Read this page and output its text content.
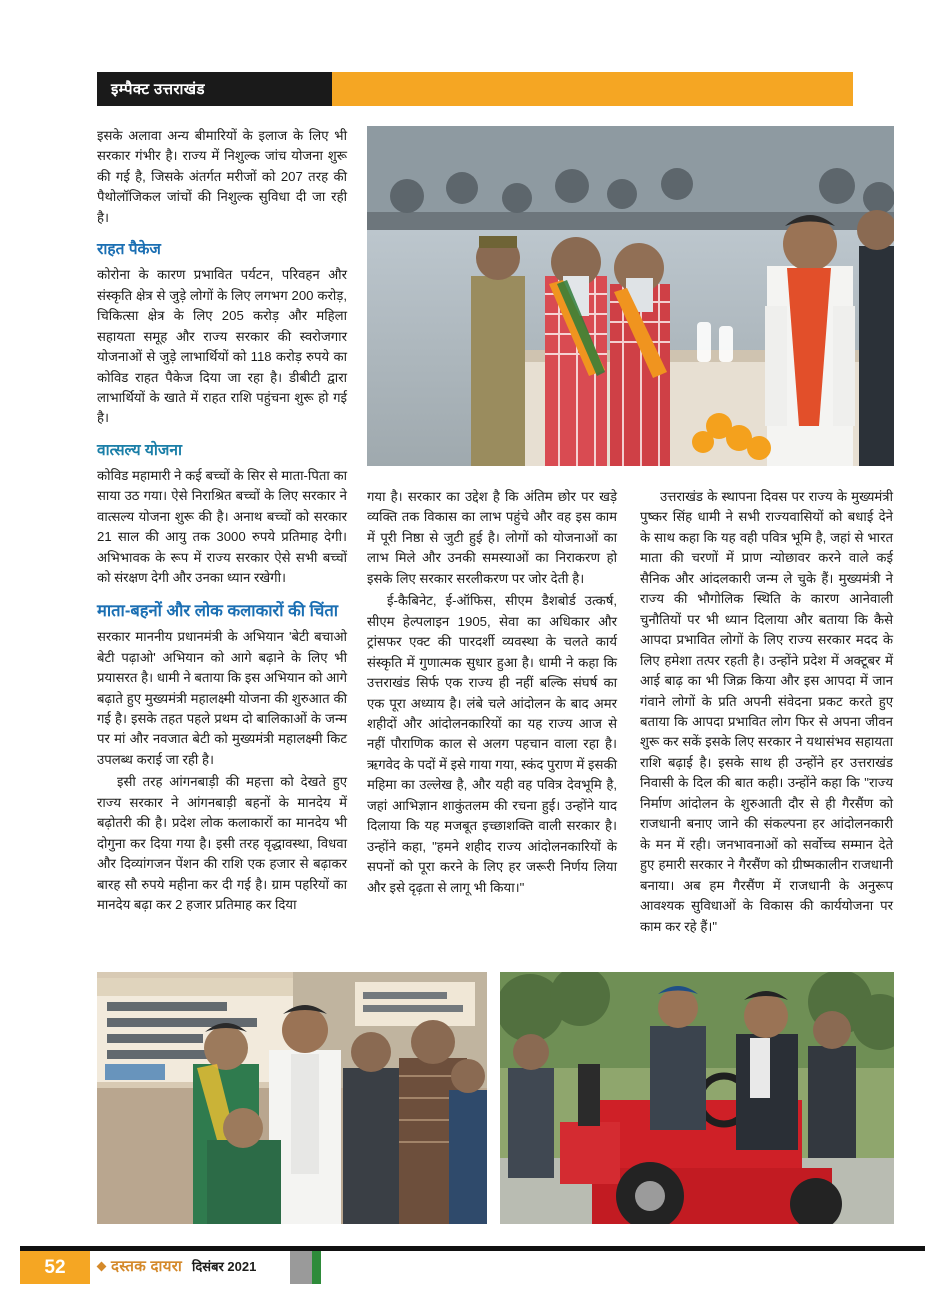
इम्पैक्ट उत्तराखंड

इसके अलावा अन्य बीमारियों के इलाज के लिए भी सरकार गंभीर है। राज्य में निशुल्क जांच योजना शुरू की गई है, जिसके अंतर्गत मरीजों को 207 तरह की पैथोलॉजिकल जांचों की निशुल्क सुविधा दी जा रही है।

राहत पैकेज

कोरोना के कारण प्रभावित पर्यटन, परिवहन और संस्कृति क्षेत्र से जुड़े लोगों के लिए लगभग 200 करोड़, चिकित्सा क्षेत्र के लिए 205 करोड़ और महिला सहायता समूह और राज्य सरकार की स्वरोजगार योजनाओं से जुड़े लाभार्थियों को 118 करोड़ रुपये का कोविड राहत पैकेज दिया जा रहा है। डीबीटी द्वारा लाभार्थियों के खाते में राहत राशि पहुंचना शुरू हो गई है।

वात्सल्य योजना

कोविड महामारी ने कई बच्चों के सिर से माता-पिता का साया उठ गया। ऐसे निराश्रित बच्चों के लिए सरकार ने वात्सल्य योजना शुरू की है। अनाथ बच्चों को सरकार 21 साल की आयु तक 3000 रुपये प्रतिमाह देगी। अभिभावक के रूप में राज्य सरकार ऐसे सभी बच्चों को संरक्षण देगी और उनका ध्यान रखेगी।

माता-बहनों और लोक कलाकारों की चिंता

सरकार माननीय प्रधानमंत्री के अभियान 'बेटी बचाओ बेटी पढ़ाओ' अभियान को आगे बढ़ाने के लिए भी प्रयासरत है। धामी ने बताया कि इस अभियान को आगे बढ़ाते हुए मुख्यमंत्री महालक्ष्मी योजना की शुरुआत की गई है। इसके तहत पहले प्रथम दो बालिकाओं के जन्म पर मां और नवजात बेटी को मुख्यमंत्री महालक्ष्मी किट उपलब्ध कराई जा रही है।

इसी तरह आंगनबाड़ी की महत्ता को देखते हुए राज्य सरकार ने आंगनबाड़ी बहनों के मानदेय में बढ़ोतरी की है। प्रदेश लोक कलाकारों का मानदेय भी दोगुना कर दिया गया है। इसी तरह वृद्धावस्था, विधवा और दिव्यांगजन पेंशन की राशि एक हजार से बढ़ाकर बारह सौ रुपये महीना कर दी गई है। ग्राम पहरियों का मानदेय बढ़ा कर 2 हजार प्रतिमाह कर दिया

गया है। सरकार का उद्देश है कि अंतिम छोर पर खड़े व्यक्ति तक विकास का लाभ पहुंचे और वह इस काम में पूरी निष्ठा से जुटी हुई है। लोगों को योजनाओं का लाभ मिले और उनकी समस्याओं का निराकरण हो इसके लिए सरकार सरलीकरण पर जोर देती है।

ई-कैबिनेट, ई-ऑफिस, सीएम डैशबोर्ड उत्कर्ष, सीएम हेल्पलाइन 1905, सेवा का अधिकार और ट्रांसफर एक्ट की पारदर्शी व्यवस्था के चलते कार्य संस्कृति में गुणात्मक सुधार हुआ है। धामी ने कहा कि उत्तराखंड सिर्फ एक राज्य ही नहीं बल्कि संघर्ष का एक पूरा अध्याय है। लंबे चले आंदोलन के बाद अमर शहीदों और आंदोलनकारियों का यह राज्य आज से नहीं पौराणिक काल से अलग पहचान वाला रहा है। ऋगवेद के पदों में इसे गाया गया, स्कंद पुराण में इसकी महिमा का उल्लेख है, और यही वह पवित्र देवभूमि है, जहां आभिज्ञान शाकुंतलम की रचना हुई। उन्होंने याद दिलाया कि यह मजबूत इच्छाशक्ति वाली सरकार है। उन्होंने कहा, "हमने शहीद राज्य आंदोलनकारियों के सपनों को पूरा करने के लिए हर जरूरी निर्णय लिया और इसे दृढ़ता से लागू भी किया।"

उत्तराखंड के स्थापना दिवस पर राज्य के मुख्यमंत्री पुष्कर सिंह धामी ने सभी राज्यवासियों को बधाई देने के साथ कहा कि यह वही पवित्र भूमि है, जहां से भारत माता की चरणों में प्राण न्योछावर करने वाले कई सैनिक और आंदलकारी जन्म ले चुके हैं। मुख्यमंत्री ने राज्य की भौगोलिक स्थिति के कारण आनेवाली चुनौतियों पर भी ध्यान दिलाया और बताया कि कैसे आपदा प्रभावित लोगों के लिए राज्य सरकार मदद के लिए हमेशा तत्पर रहती है। उन्होंने प्रदेश में अक्टूबर में आई बाढ़ का भी जिक्र किया और इस आपदा में जान गंवाने लोगों के प्रति अपनी संवेदना प्रकट करते हुए बताया कि आपदा प्रभावित लोग फिर से अपना जीवन शुरू कर सकें इसके लिए सरकार ने यथासंभव सहायता राशि बढ़ाई है। इसके साथ ही उन्होंने हर उत्तराखंड निवासी के दिल की बात कही। उन्होंने कहा कि "राज्य निर्माण आंदोलन के शुरुआती दौर से ही गैरसैंण को राजधानी बनाए जाने की संकल्पना हर आंदोलनकारी के मन में रही। जनभावनाओं को सर्वोच्च सम्मान देते हुए हमारी सरकार ने गैरसैंण को ग्रीष्मकालीन राजधानी बनाया। अब हम गैरसैंण में राजधानी के अनुरूप आवश्यक सुविधाओं के विकास की कार्ययोजना पर काम कर रहे हैं।"

52	दस्तक दायरा दिसंबर 2021
